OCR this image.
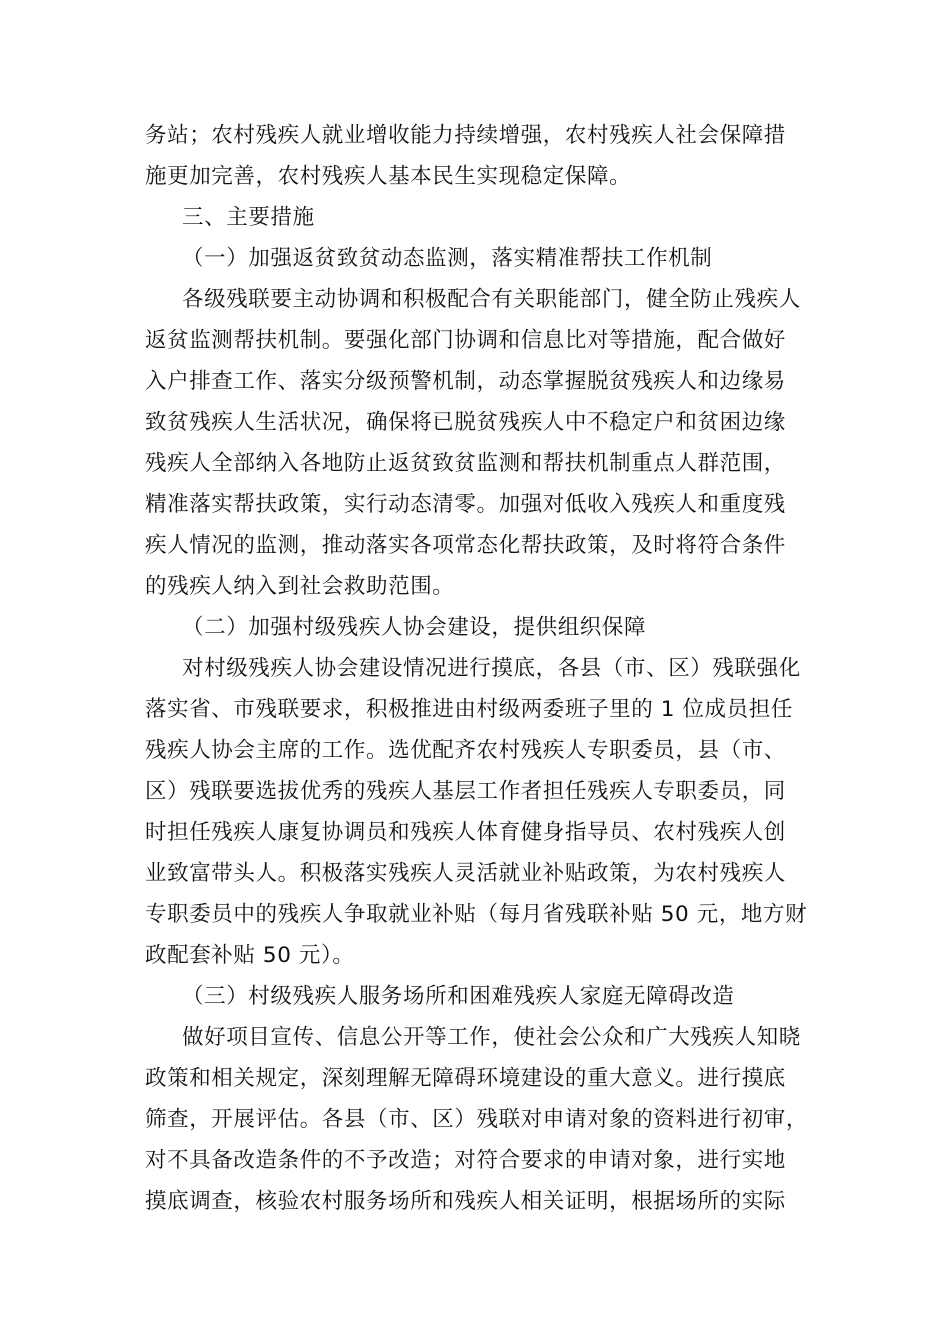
务站；农村残疾人就业增收能力持续增强，农村残疾人社会保障措
施更加完善，农村残疾人基本民生实现稳定保障。
三、主要措施
（一）加强返贫致贫动态监测，落实精准帮扶工作机制
各级残联要主动协调和积极配合有关职能部门，健全防止残疾人
返贫监测帮扶机制。要强化部门协调和信息比对等措施，配合做好
入户排查工作、落实分级预警机制，动态掌握脱贫残疾人和边缘易
致贫残疾人生活状况，确保将已脱贫残疾人中不稳定户和贫困边缘
残疾人全部纳入各地防止返贫致贫监测和帮扶机制重点人群范围，
精准落实帮扶政策，实行动态清零。加强对低收入残疾人和重度残
疾人情况的监测，推动落实各项常态化帮扶政策，及时将符合条件
的残疾人纳入到社会救助范围。
（二）加强村级残疾人协会建设，提供组织保障
对村级残疾人协会建设情况进行摸底，各县（市、区）残联强化
落实省、市残联要求，积极推进由村级两委班子里的 1 位成员担任
残疾人协会主席的工作。选优配齐农村残疾人专职委员，县（市、
区）残联要选拔优秀的残疾人基层工作者担任残疾人专职委员，同
时担任残疾人康复协调员和残疾人体育健身指导员、农村残疾人创
业致富带头人。积极落实残疾人灵活就业补贴政策，为农村残疾人
专职委员中的残疾人争取就业补贴（每月省残联补贴 50 元，地方财
政配套补贴 50 元）。
（三）村级残疾人服务场所和困难残疾人家庭无障碍改造
做好项目宣传、信息公开等工作，使社会公众和广大残疾人知晓
政策和相关规定，深刻理解无障碍环境建设的重大意义。进行摸底
筛查，开展评估。各县（市、区）残联对申请对象的资料进行初审，
对不具备改造条件的不予改造；对符合要求的申请对象，进行实地
摸底调查，核验农村服务场所和残疾人相关证明，根据场所的实际
